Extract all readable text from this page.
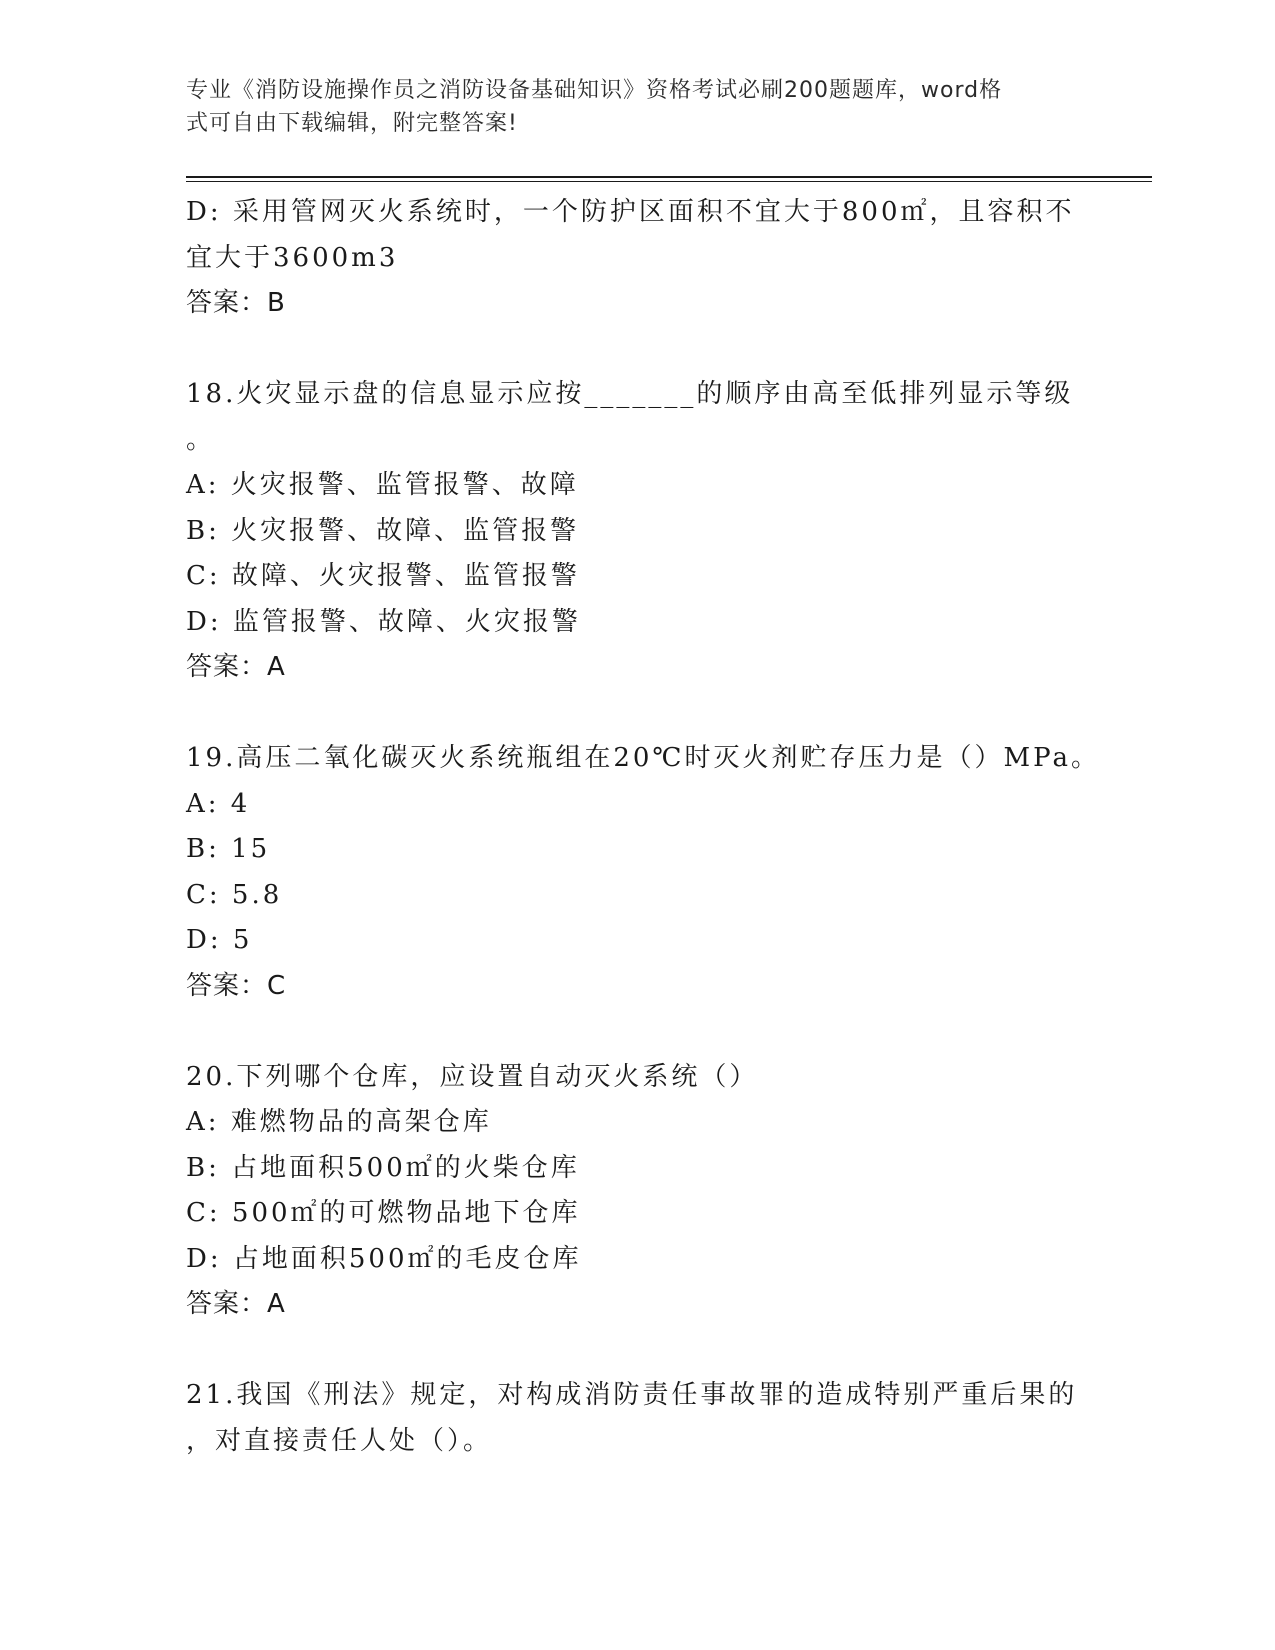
专业《消防设施操作员之消防设备基础知识》资格考试必刷200题题库，word格
式可自由下载编辑，附完整答案!
D: 采用管网灭火系统时，一个防护区面积不宜大于800㎡，且容积不
宜大于3600m3
答案：B
18.火灾显示盘的信息显示应按_______的顺序由高至低排列显示等级
。
A: 火灾报警、监管报警、故障
B: 火灾报警、故障、监管报警
C: 故障、火灾报警、监管报警
D: 监管报警、故障、火灾报警
答案：A
19.高压二氧化碳灭火系统瓶组在20℃时灭火剂贮存压力是（）MPa。
A: 4
B: 15
C: 5.8
D: 5
答案：C
20.下列哪个仓库，应设置自动灭火系统（）
A: 难燃物品的高架仓库
B: 占地面积500㎡的火柴仓库
C: 500㎡的可燃物品地下仓库
D: 占地面积500㎡的毛皮仓库
答案：A
21.我国《刑法》规定，对构成消防责任事故罪的造成特别严重后果的
，对直接责任人处（）。
